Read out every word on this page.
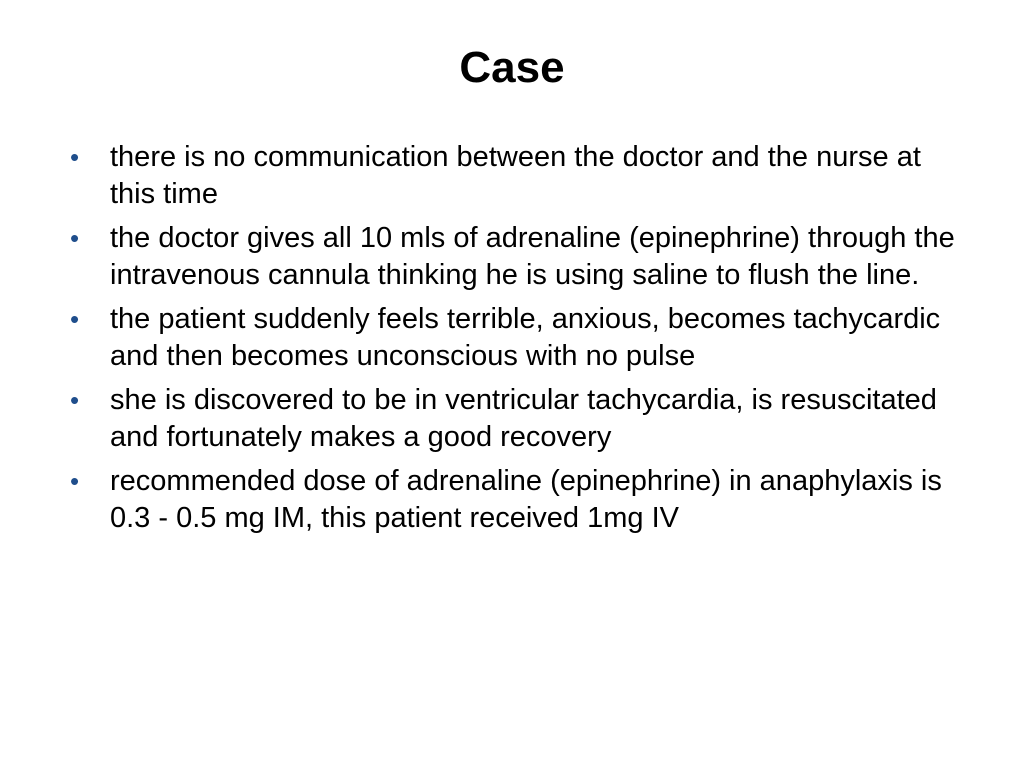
Case
• there is no communication between the doctor and the nurse at this time
• the doctor gives all 10 mls of adrenaline (epinephrine) through the intravenous cannula thinking he is using saline to flush the line.
• the patient suddenly feels terrible, anxious, becomes tachycardic and then becomes unconscious with no pulse
• she is discovered to be in ventricular tachycardia, is resuscitated and fortunately makes a good recovery
• recommended dose of adrenaline (epinephrine) in anaphylaxis is 0.3 - 0.5 mg IM, this patient received 1mg IV
